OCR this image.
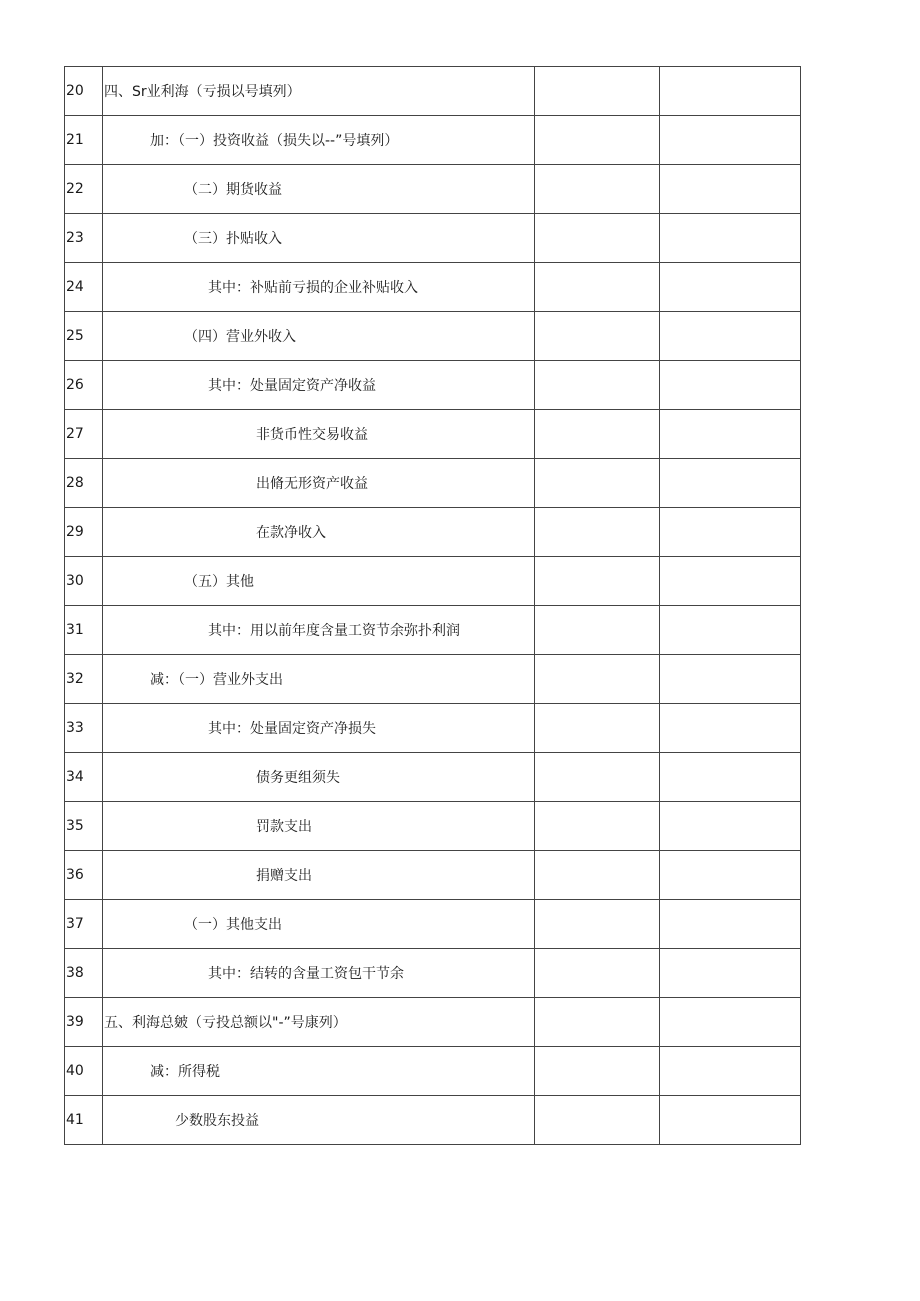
20	四、Sr业利海（亏损以号填列）		

21	加：（一）投资收益（损失以--”号填列）		

22	（二）期货收益		

23	（三）扑贴收入		

24	其中：补贴前亏损的企业补贴收入		

25	（四）营业外收入		

26	其中：处量固定资产净收益		

27	非货币性交易收益		

28	出脩无形资产收益		

29	在款净收入		

30	（五）其他		

31	其中：用以前年度含量工资节余弥扑利润		

32	减：（一）营业外支出		

33	其中：处量固定资产净损失		

34	债务更组须失		

35	罚款支出		

36	捐赠支出		

37	（一）其他支出		

38	其中：结转的含量工资包干节余		

39	五、利海总皴（亏投总额以"-”号康列）		

40	减：所得税		

41	少数股东投益		
